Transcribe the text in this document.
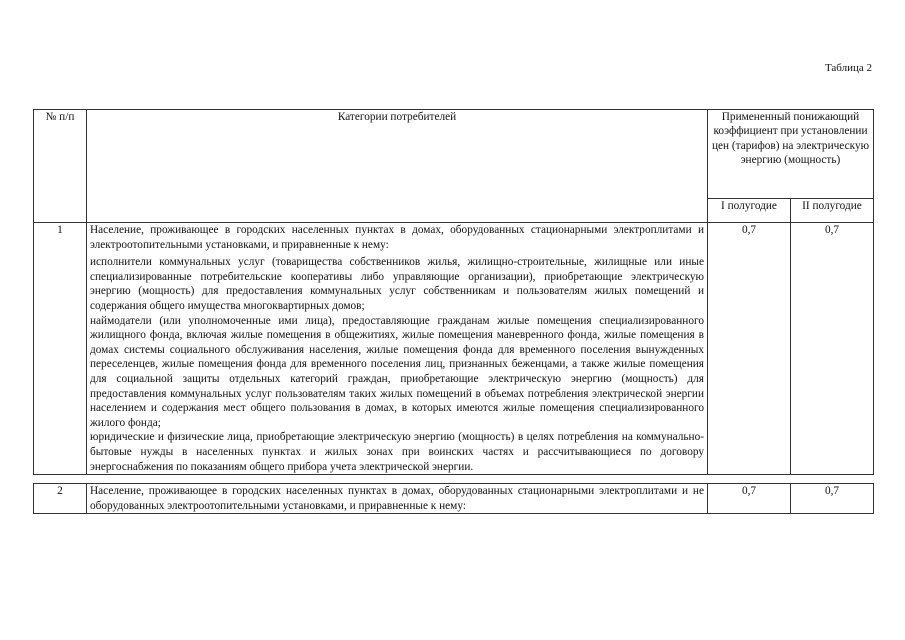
Таблица 2
№ п/п	Категории потребителей	Примененный понижающий коэффициент при установлении цен (тарифов) на электрическую энергию (мощность)	
		I полугодие	II полугодие
1	Население, проживающее в городских населенных пунктах в домах, оборудованных стационарными электроплитами и электроотопительными установками, и приравненные к нему:

исполнители коммунальных услуг (товарищества собственников жилья, жилищно-строительные, жилищные или иные специализированные потребительские кооперативы либо управляющие организации), приобретающие электрическую энергию (мощность) для предоставления коммунальных услуг собственникам и пользователям жилых помещений и содержания общего имущества многоквартирных домов;

наймодатели (или уполномоченные ими лица), предоставляющие гражданам жилые помещения специализированного жилищного фонда, включая жилые помещения в общежитиях, жилые помещения маневренного фонда, жилые помещения в домах системы социального обслуживания населения, жилые помещения фонда для временного поселения вынужденных переселенцев, жилые помещения фонда для временного поселения лиц, признанных беженцами, а также жилые помещения для социальной защиты отдельных категорий граждан, приобретающие электрическую энергию (мощность) для предоставления коммунальных услуг пользователям таких жилых помещений в объемах потребления электрической энергии населением и содержания мест общего пользования в домах, в которых имеются жилые помещения специализированного жилого фонда;

юридические и физические лица, приобретающие электрическую энергию (мощность) в целях потребления на коммунально-бытовые нужды в населенных пунктах и жилых зонах при воинских частях и рассчитывающиеся по договору энергоснабжения по показаниям общего прибора учета электрической энергии.	0,7	0,7

2	Население, проживающее в городских населенных пунктах в домах, оборудованных стационарными электроплитами и не оборудованных электроотопительными установками, и приравненные к нему:	0,7	0,7
